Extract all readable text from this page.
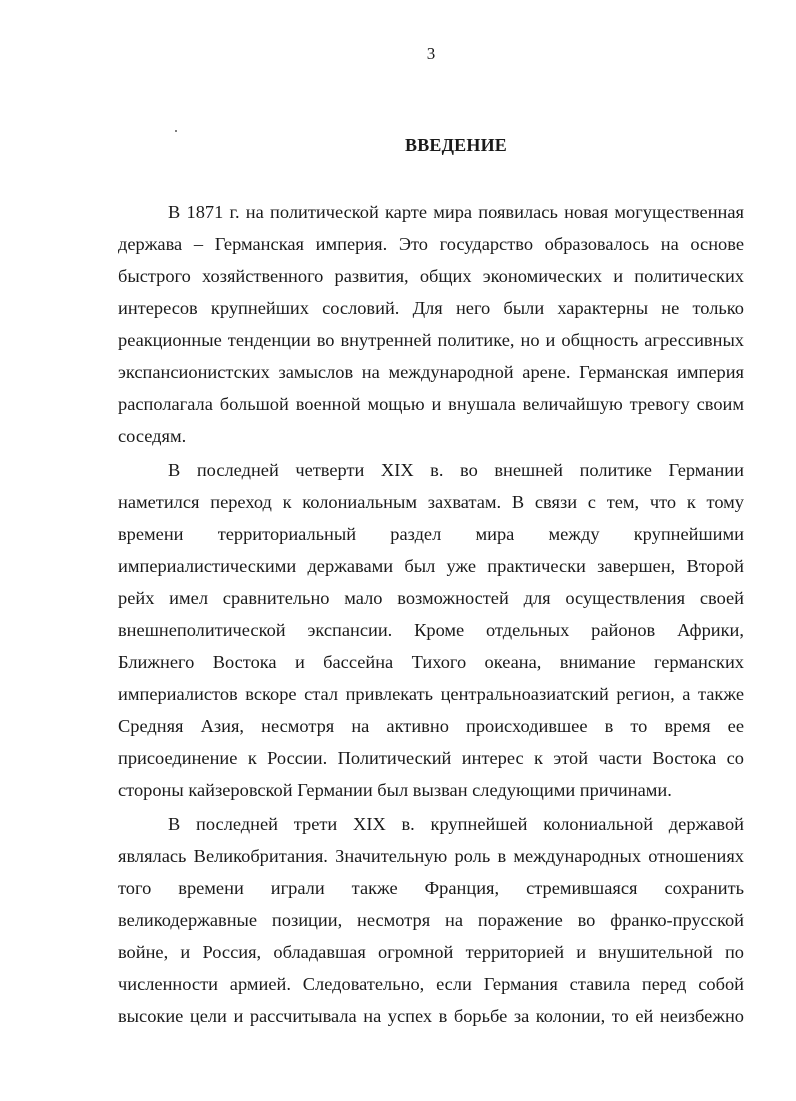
3
ВВЕДЕНИЕ
В 1871 г. на политической карте мира появилась новая могущественная
держава – Германская империя. Это государство образовалось на основе
быстрого хозяйственного развития, общих экономических и политических
интересов крупнейших сословий. Для него были характерны не только
реакционные тенденции во внутренней политике, но и общность агрессивных
экспансионистских замыслов на международной арене. Германская империя
располагала большой военной мощью и внушала величайшую тревогу своим
соседям.
В последней четверти XIX в. во внешней политике Германии
наметился переход к колониальным захватам. В связи с тем, что к тому
времени территориальный раздел мира между крупнейшими
империалистическими державами был уже практически завершен, Второй
рейх имел сравнительно мало возможностей для осуществления своей
внешнеполитической экспансии. Кроме отдельных районов Африки,
Ближнего Востока и бассейна Тихого океана, внимание германских
империалистов вскоре стал привлекать центральноазиатский регион, а также
Средняя Азия, несмотря на активно происходившее в то время ее
присоединение к России. Политический интерес к этой части Востока со
стороны кайзеровской Германии был вызван следующими причинами.
В последней трети XIX в. крупнейшей колониальной державой
являлась Великобритания. Значительную роль в международных отношениях
того времени играли также Франция, стремившаяся сохранить
великодержавные позиции, несмотря на поражение во франко-прусской
войне, и Россия, обладавшая огромной территорией и внушительной по
численности армией. Следовательно, если Германия ставила перед собой
высокие цели и рассчитывала на успех в борьбе за колонии, то ей неизбежно
